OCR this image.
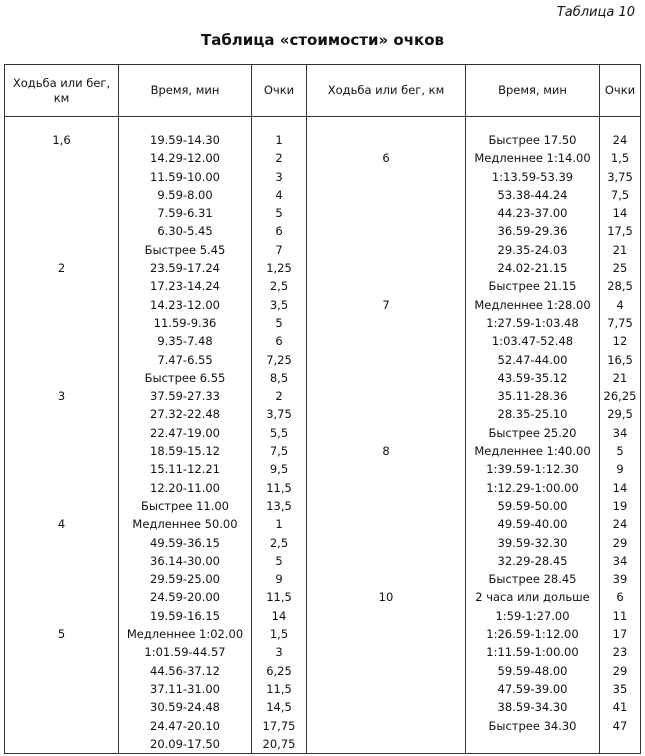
Таблица 10
Таблица «стоимости» очков
Ходьба или бег, км	Время, мин	Очки	Ходьба или бег, км	Время, мин	Очки

1,6	19.59-14.30	1		Быстрее 17.50	24
	14.29-12.00	2	6	Медленнее 1:14.00	1,5
	11.59-10.00	3		1:13.59-53.39	3,75
	9.59-8.00	4		53.38-44.24	7,5
	7.59-6.31	5		44.23-37.00	14
	6.30-5.45	6		36.59-29.36	17,5
	Быстрее 5.45	7		29.35-24.03	21
2	23.59-17.24	1,25		24.02-21.15	25
	17.23-14.24	2,5		Быстрее 21.15	28,5
	14.23-12.00	3,5	7	Медленнее 1:28.00	4
	11.59-9.36	5		1:27.59-1:03.48	7,75
	9.35-7.48	6		1:03.47-52.48	12
	7.47-6.55	7,25		52.47-44.00	16,5
	Быстрее 6.55	8,5		43.59-35.12	21
3	37.59-27.33	2		35.11-28.36	26,25
	27.32-22.48	3,75		28.35-25.10	29,5
	22.47-19.00	5,5		Быстрее 25.20	34
	18.59-15.12	7,5	8	Медленнее 1:40.00	5
	15.11-12.21	9,5		1:39.59-1:12.30	9
	12.20-11.00	11,5		1:12.29-1:00.00	14
	Быстрее 11.00	13,5		59.59-50.00	19
4	Медленнее 50.00	1		49.59-40.00	24
	49.59-36.15	2,5		39.59-32.30	29
	36.14-30.00	5		32.29-28.45	34
	29.59-25.00	9		Быстрее 28.45	39
	24.59-20.00	11,5	10	2 часа или дольше	6
	19.59-16.15	14		1:59-1:27.00	11
5	Медленнее 1:02.00	1,5		1:26.59-1:12.00	17
	1:01.59-44.57	3		1:11.59-1:00.00	23
	44.56-37.12	6,25		59.59-48.00	29
	37.11-31.00	11,5		47.59-39.00	35
	30.59-24.48	14,5		38.59-34.30	41
	24.47-20.10	17,75		Быстрее 34.30	47
	20.09-17.50	20,75			
